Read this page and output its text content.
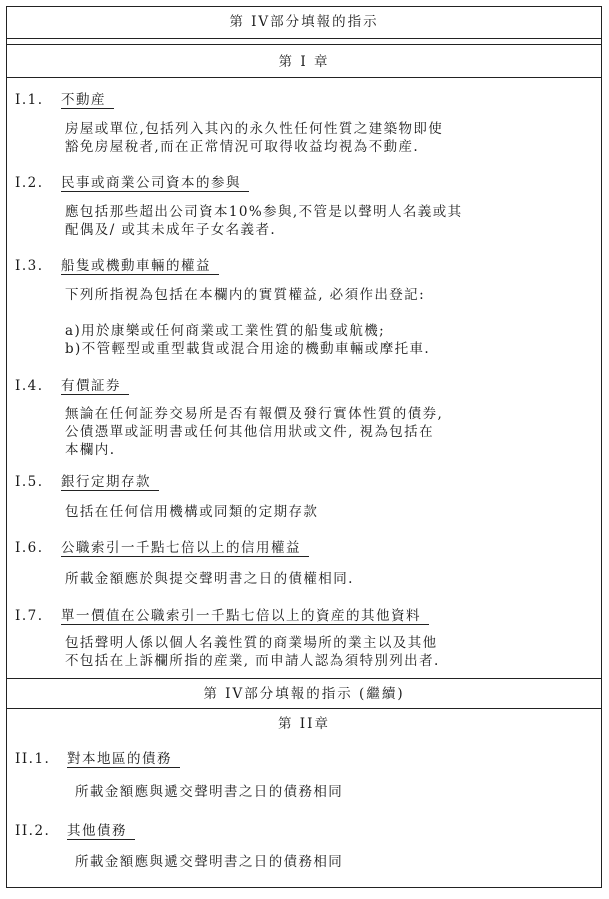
第 IV部分填報的指示
第 I 章
I.1. 不動産
房屋或單位,包括列入其內的永久性任何性質之建築物即使
豁免房屋稅者,而在正常情況可取得收益均視為不動産.
I.2. 民事或商業公司資本的参與
應包括那些超出公司資本10%参與,不管是以聲明人名義或其
配偶及/ 或其未成年子女名義者.
I.3. 船隻或機動車輛的權益
下列所指視為包括在本欄内的實質權益, 必須作出登記:

a)用於康樂或任何商業或工業性質的船隻或航機;
b)不管輕型或重型載貨或混合用途的機動車輛或摩托車.
I.4. 有價証券
無論在任何証券交易所是否有報價及發行實体性質的債券,
公債憑單或証明書或任何其他信用狀或文件, 視為包括在
本欄内.
I.5. 銀行定期存款
包括在任何信用機構或同類的定期存款
I.6. 公職索引一千點七倍以上的信用權益
所載金額應於與提交聲明書之日的債權相同.
I.7. 單一價值在公職索引一千點七倍以上的資産的其他資料
包括聲明人係以個人名義性質的商業場所的業主以及其他
不包括在上訴欄所指的産業, 而申請人認為須特別列出者.
第 IV部分填報的指示 (繼續)
第 II章
II.1. 對本地區的債務
所載金額應與遞交聲明書之日的債務相同
II.2. 其他債務
所載金額應與遞交聲明書之日的債務相同
